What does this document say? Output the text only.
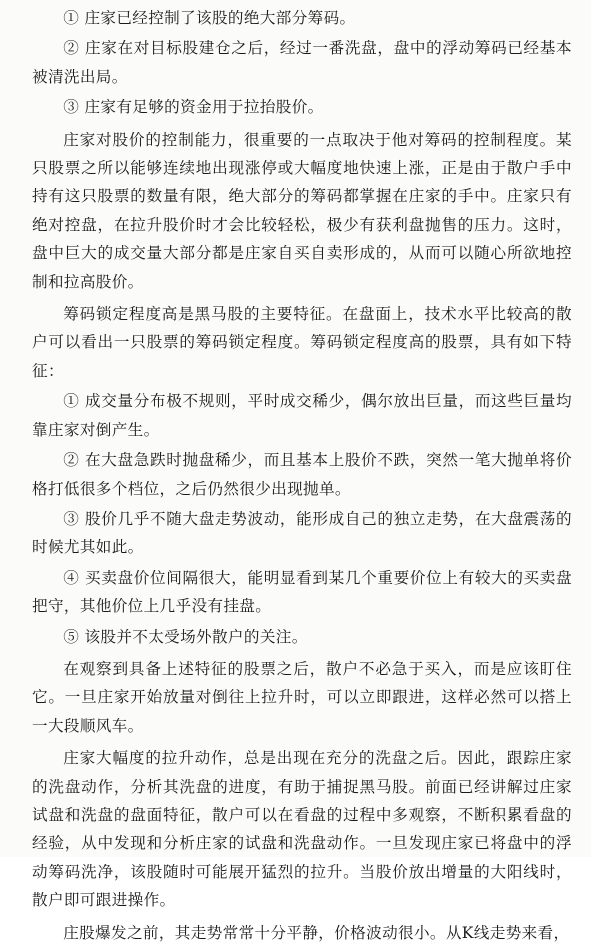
① 庄家已经控制了该股的绝大部分筹码。

② 庄家在对目标股建仓之后，经过一番洗盘，盘中的浮动筹码已经基本被清洗出局。

③ 庄家有足够的资金用于拉抬股价。

庄家对股价的控制能力，很重要的一点取决于他对筹码的控制程度。某只股票之所以能够连续地出现涨停或大幅度地快速上涨，正是由于散户手中持有这只股票的数量有限，绝大部分的筹码都掌握在庄家的手中。庄家只有绝对控盘，在拉升股价时才会比较轻松，极少有获利盘抛售的压力。这时，盘中巨大的成交量大部分都是庄家自买自卖形成的，从而可以随心所欲地控制和拉高股价。

筹码锁定程度高是黑马股的主要特征。在盘面上，技术水平比较高的散户可以看出一只股票的筹码锁定程度。筹码锁定程度高的股票，具有如下特征：

① 成交量分布极不规则，平时成交稀少，偶尔放出巨量，而这些巨量均靠庄家对倒产生。

② 在大盘急跌时抛盘稀少，而且基本上股价不跌，突然一笔大抛单将价格打低很多个档位，之后仍然很少出现抛单。

③ 股价几乎不随大盘走势波动，能形成自己的独立走势，在大盘震荡的时候尤其如此。

④ 买卖盘价位间隔很大，能明显看到某几个重要价位上有较大的买卖盘把守，其他价位上几乎没有挂盘。

⑤ 该股并不太受场外散户的关注。

在观察到具备上述特征的股票之后，散户不必急于买入，而是应该盯住它。一旦庄家开始放量对倒往上拉升时，可以立即跟进，这样必然可以搭上一大段顺风车。

庄家大幅度的拉升动作，总是出现在充分的洗盘之后。因此，跟踪庄家的洗盘动作，分析其洗盘的进度，有助于捕捉黑马股。前面已经讲解过庄家试盘和洗盘的盘面特征，散户可以在看盘的过程中多观察，不断积累看盘的经验，从中发现和分析庄家的试盘和洗盘动作。一旦发现庄家已将盘中的浮动筹码洗净，该股随时可能展开猛烈的拉升。当股价放出增量的大阳线时，散户即可跟进操作。

庄股爆发之前，其走势常常十分平静，价格波动很小。从K线走势来看，
